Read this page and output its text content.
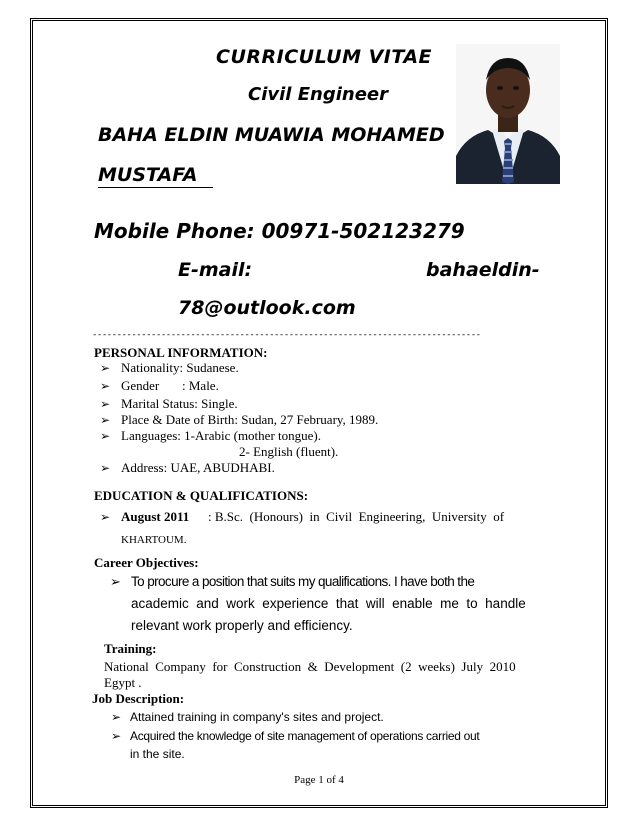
CURRICULUM VITAE
Civil Engineer
BAHA ELDIN MUAWIA MOHAMED
MUSTAFA
Mobile Phone: 00971-502123279
E-mail:	bahaeldin-
78@outlook.com
-------------------------------------------------------------------------------
PERSONAL INFORMATION:
➢ Nationality: Sudanese.
➢ Gender       : Male.
➢ Marital Status: Single.
➢ Place & Date of Birth: Sudan, 27 February, 1989.
➢ Languages: 1-Arabic (mother tongue).
2- English (fluent).
➢ Address: UAE, ABUDHABI.
EDUCATION & QUALIFICATIONS:
➢ August 2011 : B.Sc.  (Honours)  in  Civil  Engineering,  University  of
KHARTOUM.
Career Objectives:
➢ To procure a position that suits my qualifications. I have both the
academic  and  work  experience  that  will  enable  me  to  handle
relevant work properly and efficiency.
Training:
National  Company  for  Construction  &  Development  (2  weeks)  July  2010
Egypt .
Job Description:
➢ Attained training in company's sites and project.
➢ Acquired the knowledge of site management of operations carried out
in the site.
Page 1 of 4
